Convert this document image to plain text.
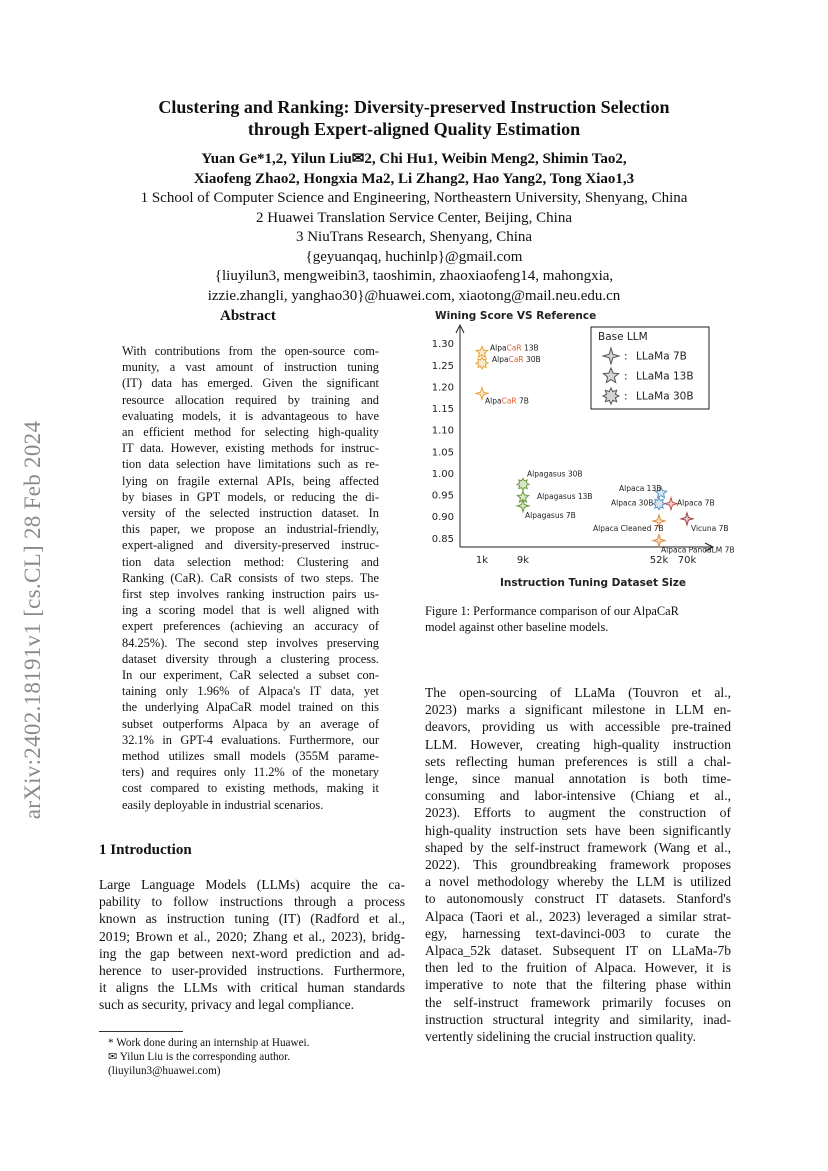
arXiv:2402.18191v1 [cs.CL] 28 Feb 2024
Clustering and Ranking: Diversity-preserved Instruction Selection
through Expert-aligned Quality Estimation
Yuan Ge*1,2, Yilun Liu✉2, Chi Hu1, Weibin Meng2, Shimin Tao2,
Xiaofeng Zhao2, Hongxia Ma2, Li Zhang2, Hao Yang2, Tong Xiao1,3
1 School of Computer Science and Engineering, Northeastern University, Shenyang, China
2 Huawei Translation Service Center, Beijing, China
3 NiuTrans Research, Shenyang, China
{geyuanqaq, huchinlp}@gmail.com
{liuyilun3, mengweibin3, taoshimin, zhaoxiaofeng14, mahongxia,
izzie.zhangli, yanghao30}@huawei.com, xiaotong@mail.neu.edu.cn
Abstract
With contributions from the open-source com-
munity, a vast amount of instruction tuning
(IT) data has emerged. Given the significant
resource allocation required by training and
evaluating models, it is advantageous to have
an efficient method for selecting high-quality
IT data. However, existing methods for instruc-
tion data selection have limitations such as re-
lying on fragile external APIs, being affected
by biases in GPT models, or reducing the di-
versity of the selected instruction dataset. In
this paper, we propose an industrial-friendly,
expert-aligned and diversity-preserved instruc-
tion data selection method: Clustering and
Ranking (CaR). CaR consists of two steps. The
first step involves ranking instruction pairs us-
ing a scoring model that is well aligned with
expert preferences (achieving an accuracy of
84.25%). The second step involves preserving
dataset diversity through a clustering process.
In our experiment, CaR selected a subset con-
taining only 1.96% of Alpaca's IT data, yet
the underlying AlpaCaR model trained on this
subset outperforms Alpaca by an average of
32.1% in GPT-4 evaluations. Furthermore, our
method utilizes small models (355M parame-
ters) and requires only 11.2% of the monetary
cost compared to existing methods, making it
easily deployable in industrial scenarios.
1 Introduction
Large Language Models (LLMs) acquire the ca-
pability to follow instructions through a process
known as instruction tuning (IT) (Radford et al.,
2019; Brown et al., 2020; Zhang et al., 2023), bridg-
ing the gap between next-word prediction and ad-
herence to user-provided instructions. Furthermore,
it aligns the LLMs with critical human standards
such as security, privacy and legal compliance.
The open-sourcing of LLaMa (Touvron et al.,
2023) marks a significant milestone in LLM en-
deavors, providing us with accessible pre-trained
LLM. However, creating high-quality instruction
sets reflecting human preferences is still a chal-
lenge, since manual annotation is both time-
consuming and labor-intensive (Chiang et al.,
2023). Efforts to augment the construction of
high-quality instruction sets have been significantly
shaped by the self-instruct framework (Wang et al.,
2022). This groundbreaking framework proposes
a novel methodology whereby the LLM is utilized
to autonomously construct IT datasets. Stanford's
Alpaca (Taori et al., 2023) leveraged a similar strat-
egy, harnessing text-davinci-003 to curate the
Alpaca_52k dataset. Subsequent IT on LLaMa-7b
then led to the fruition of Alpaca. However, it is
imperative to note that the filtering phase within
the self-instruct framework primarily focuses on
instruction structural integrity and similarity, inad-
vertently sidelining the crucial instruction quality.
Wining Score VS Reference
1.30
1.25
1.20
1.15
1.10
1.05
1.00
0.95
0.90
0.85
1k	9k	52k 70k
Instruction Tuning Dataset Size
Base LLM
: LLaMa 7B
: LLaMa 13B
: LLaMa 30B
AlpaCaR 13B
AlpaCaR 30B
AlpaCaR 7B
Alpagasus 30B
Alpagasus 13B
Alpagasus 7B
Alpaca 13B
Alpaca 30B	Alpaca 7B
Alpaca Cleaned 7B	Vicuna 7B
Alpaca PandaLM 7B
Figure 1: Performance comparison of our AlpaCaR
model against other baseline models.
* Work done during an internship at Huawei.
✉ Yilun Liu is the corresponding author.
(liuyilun3@huawei.com)
